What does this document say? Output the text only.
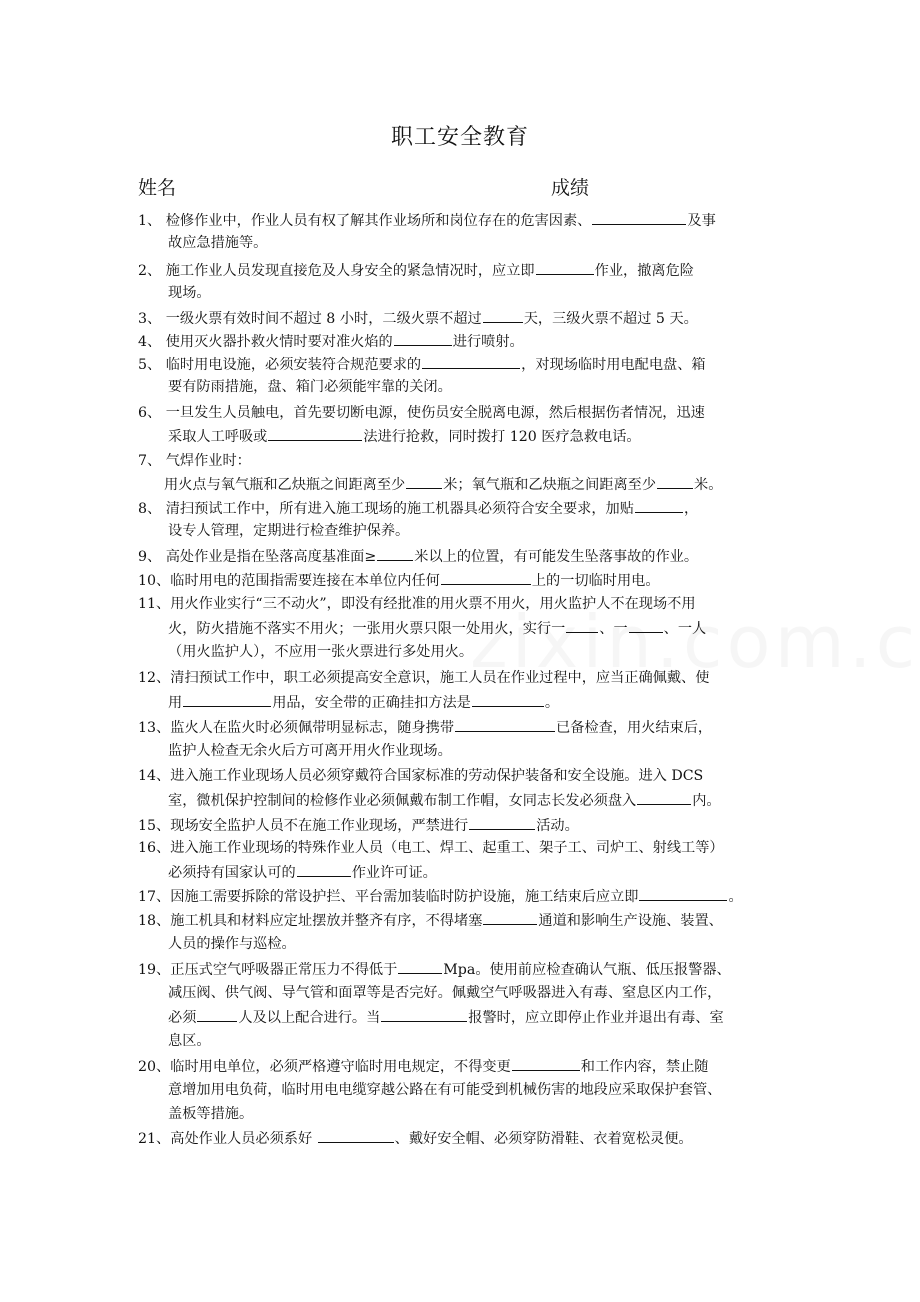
职工安全教育
姓名	成绩
1、 检修作业中，作业人员有权了解其作业场所和岗位存在的危害因素、	及事
故应急措施等。
2、 施工作业人员发现直接危及人身安全的紧急情况时，应立即	作业，撤离危险
现场。
3、 一级火票有效时间不超过 8 小时，二级火票不超过	天，三级火票不超过 5 天。
4、 使用灭火器扑救火情时要对准火焰的	进行喷射。
5、 临时用电设施，必须安装符合规范要求的	，对现场临时用电配电盘、箱
要有防雨措施，盘、箱门必须能牢靠的关闭。
6、 一旦发生人员触电，首先要切断电源，使伤员安全脱离电源，然后根据伤者情况，迅速
采取人工呼吸或	法进行抢救，同时拨打 120 医疗急救电话。
7、 气焊作业时：
用火点与氧气瓶和乙炔瓶之间距离至少	米；氧气瓶和乙炔瓶之间距离至少	米。
8、 清扫预试工作中，所有进入施工现场的施工机器具必须符合安全要求，加贴	，
设专人管理，定期进行检查维护保养。
9、 高处作业是指在坠落高度基准面≥	米以上的位置，有可能发生坠落事故的作业。
10、临时用电的范围指需要连接在本单位内任何	上的一切临时用电。
11、用火作业实行“三不动火”，即没有经批准的用火票不用火，用火监护人不在现场不用
火，防火措施不落实不用火；一张用火票只限一处用火，实行一 、一	、一人
（用火监护人），不应用一张火票进行多处用火。
12、清扫预试工作中，职工必须提高安全意识，施工人员在作业过程中，应当正确佩戴、使
用	用品，安全带的正确挂扣方法是	。
13、监火人在监火时必须佩带明显标志，随身携带	已备检查，用火结束后，
监护人检查无余火后方可离开用火作业现场。
14、进入施工作业现场人员必须穿戴符合国家标准的劳动保护装备和安全设施。进入 DCS
室，微机保护控制间的检修作业必须佩戴布制工作帽，女同志长发必须盘入	内。
15、现场安全监护人员不在施工作业现场，严禁进行	活动。
16、进入施工作业现场的特殊作业人员（电工、焊工、起重工、架子工、司炉工、射线工等）
必须持有国家认可的	作业许可证。
17、因施工需要拆除的常设护拦、平台需加装临时防护设施，施工结束后应立即	。
18、施工机具和材料应定址摆放并整齐有序，不得堵塞	通道和影响生产设施、装置、
人员的操作与巡检。
19、正压式空气呼吸器正常压力不得低于	Mpa。使用前应检查确认气瓶、低压报警器、
减压阀、供气阀、导气管和面罩等是否完好。佩戴空气呼吸器进入有毒、窒息区内工作，
必须	人及以上配合进行。当	报警时，应立即停止作业并退出有毒、室
息区。
20、临时用电单位，必须严格遵守临时用电规定，不得变更	和工作内容，禁止随
意增加用电负荷，临时用电电缆穿越公路在有可能受到机械伤害的地段应采取保护套管、
盖板等措施。
21、高处作业人员必须系好	、戴好安全帽、必须穿防滑鞋、衣着宽松灵便。
